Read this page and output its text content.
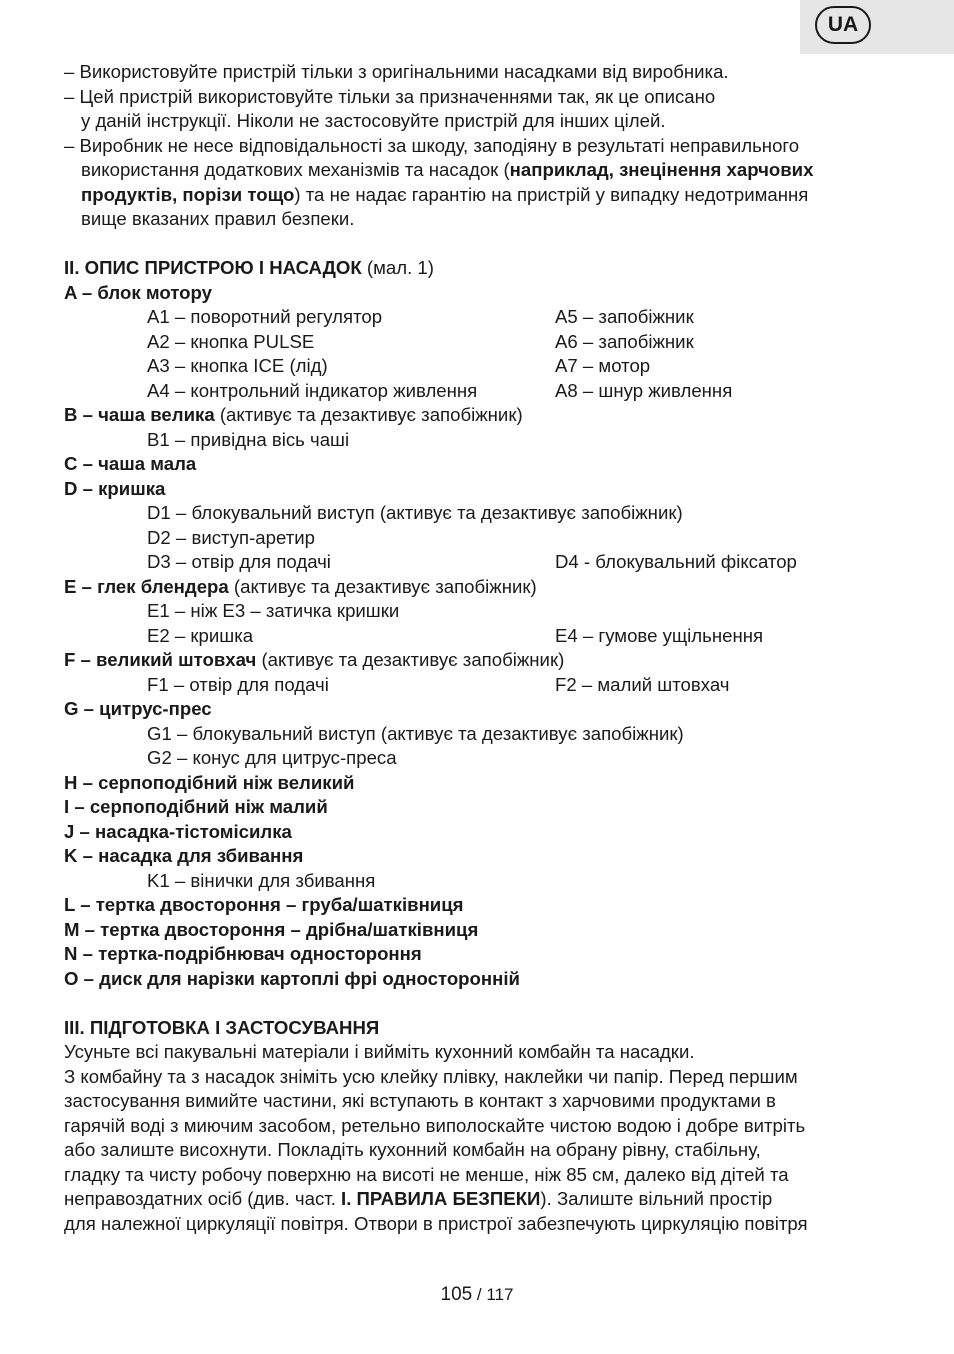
UA
– Використовуйте пристрій тільки з оригінальними насадками від виробника.
– Цей пристрій використовуйте тільки за призначеннями так, як це описано
у даній інструкції. Ніколи не застосовуйте пристрій для інших цілей.
– Виробник не несе відповідальності за шкоду, заподіяну в результаті неправильного
використання додаткових механізмів та насадок (наприклад, знецінення харчових
продуктів, порізи тощо) та не надає гарантію на пристрій у випадку недотримання
вище вказаних правил безпеки.
II. ОПИС ПРИСТРОЮ І НАСАДОК (мал. 1)
A – блок мотору
A1 – поворотний регулятор	A5 – запобіжник
A2 – кнопка PULSE	A6 – запобіжник
A3 – кнопка ICE (лід)	A7 – мотор
A4 – контрольний індикатор живлення	A8 – шнур живлення
B – чаша велика (активує та дезактивує запобіжник)
B1 – привідна вісь чаші
C – чаша мала
D – кришка
D1 – блокувальний виступ (активує та дезактивує запобіжник)
D2 – виступ-аретир
D3 – отвір для подачі	D4 - блокувальний фіксатор
E – глек блендера (активує та дезактивує запобіжник)
E1 – ніж E3 – затичка кришки
E2 – кришка	E4 – гумове ущільнення
F – великий штовхач (активує та дезактивує запобіжник)
F1 – отвір для подачі	F2 – малий штовхач
G – цитрус-прес
G1 – блокувальний виступ (активує та дезактивує запобіжник)
G2 – конус для цитрус-преса
H – серпоподібний ніж великий
I – серпоподібний ніж малий
J – насадка-тістомісилка
K – насадка для збивання
K1 – вінички для збивання
L – тертка двостороння – груба/шатківниця
M – тертка двостороння – дрібна/шатківниця
N – тертка-подрібнювач одностороння
O – диск для нарізки картоплі фрі односторонній
III. ПІДГОТОВКА І ЗАСТОСУВАННЯ
Усуньте всі пакувальні матеріали і вийміть кухонний комбайн та насадки.
З комбайну та з насадок зніміть усю клейку плівку, наклейки чи папір. Перед першим
застосування вимийте частини, які вступають в контакт з харчовими продуктами в
гарячій воді з миючим засобом, ретельно виполоскайте чистою водою і добре витріть
або залиште висохнути. Покладіть кухонний комбайн на обрану рівну, стабільну,
гладку та чисту робочу поверхню на висоті не менше, ніж 85 см, далеко від дітей та
неправоздатних осіб (див. част. I. ПРАВИЛА БЕЗПЕКИ). Залиште вільний простір
для належної циркуляції повітря. Отвори в пристрої забезпечують циркуляцію повітря
105 / 117
